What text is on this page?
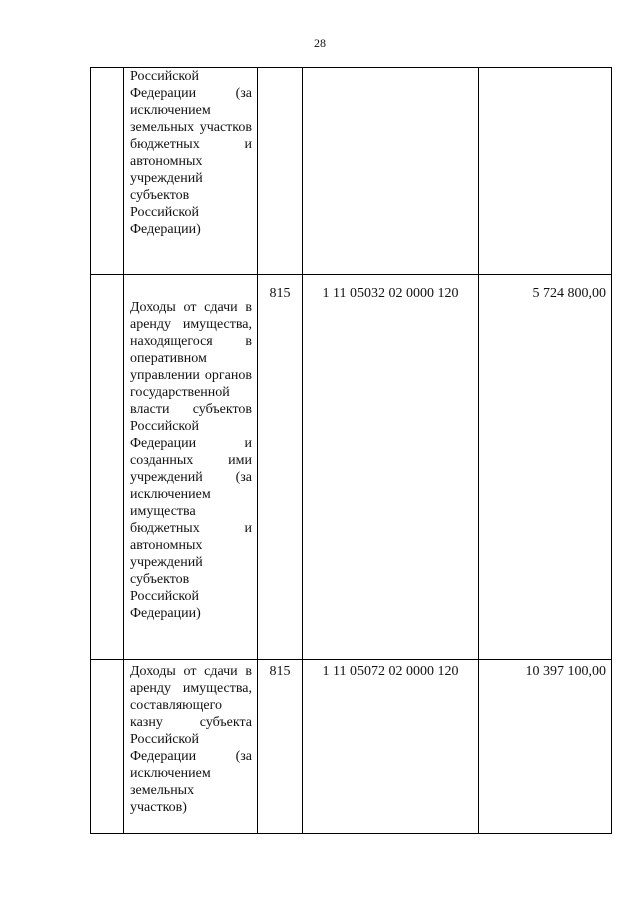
28

	Российской Федерации (за исключением земельных участков бюджетных и автономных учреждений субъектов Российской Федерации)			

	Доходы от сдачи в аренду имущества, находящегося в оперативном управлении органов государственной власти субъектов Российской Федерации и созданных ими учреждений (за исключением имущества бюджетных и автономных учреждений субъектов Российской Федерации)	815	1 11 05032 02 0000 120	5 724 800,00

	Доходы от сдачи в аренду имущества, составляющего казну субъекта Российской Федерации (за исключением земельных участков)	815	1 11 05072 02 0000 120	10 397 100,00
